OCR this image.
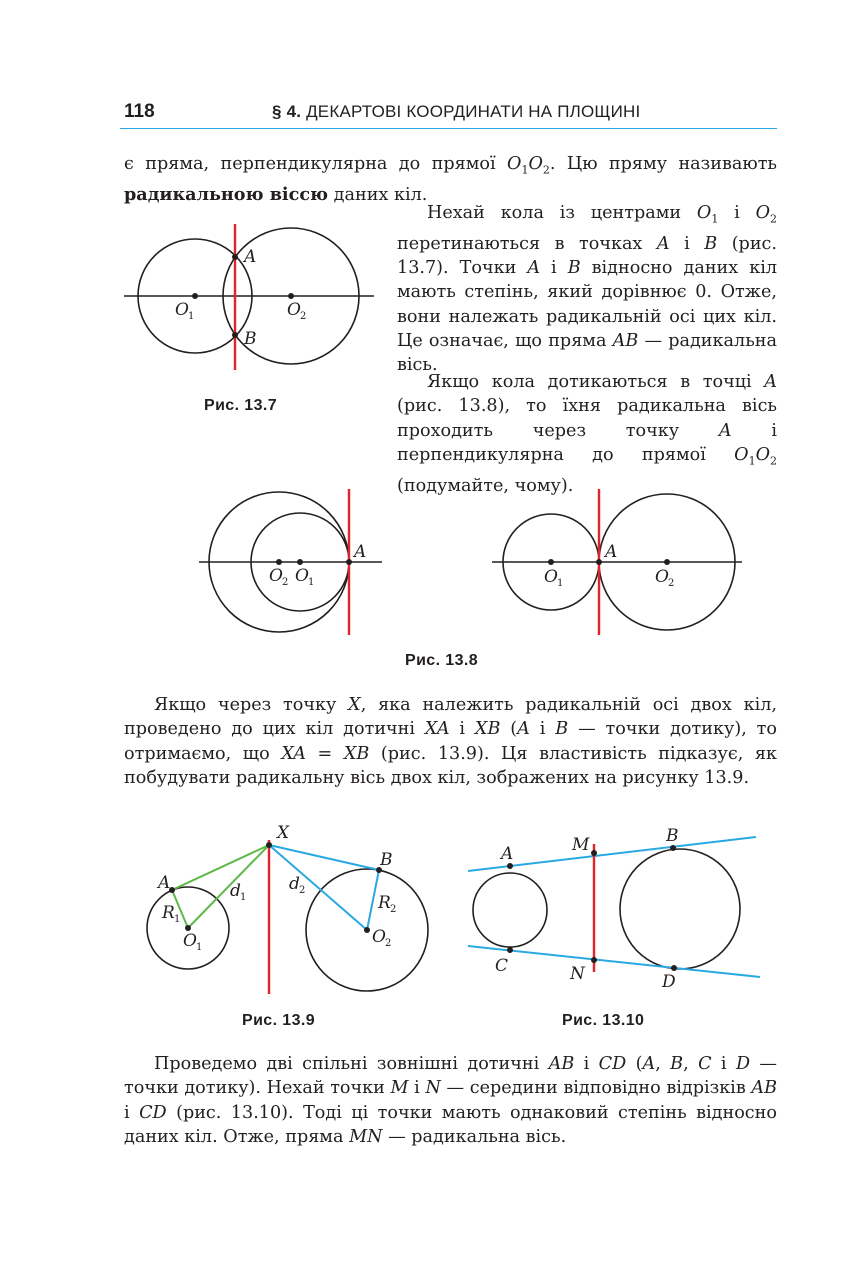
118	§ 4. ДЕКАРТОВІ КООРДИНАТИ НА ПЛОЩИНІ

є пряма, перпендикулярна до прямої $O_1O_2$. Цю пряму називають радикальною віссю даних кіл.

A
B
O 1	O 2
Рис. 13.7

Нехай кола із центрами $O_1$ і $O_2$ перетинаються в точках A і B (рис. 13.7). Точки A і B відносно даних кіл мають степінь, який дорівнює 0. Отже, вони належать радикальній осі цих кіл. Це означає, що пряма AB — радикальна вісь.

Якщо кола дотикаються в точці A (рис. 13.8), то їхня радикальна вісь проходить через точку A і перпендикулярна до прямої $O_1O_2$ (подумайте, чому).

A
O 2 O 1
A
O 1	O 2
Рис. 13.8

Якщо через точку X, яка належить радикальній осі двох кіл, проведено до цих кіл дотичні XA і XB (A і B — точки дотику), то отримаємо, що XA = XB (рис. 13.9). Ця властивість підказує, як побудувати радикальну вісь двох кіл, зображених на рисунку 13.9.

X
A
B
d 1
d 2
R 1
R 2
O 1
O 2
Рис. 13.9
A
B
M
C
D
N
Рис. 13.10

Проведемо дві спільні зовнішні дотичні AB і CD (A, B, C і D — точки дотику). Нехай точки M і N — середини відповідно відрізків AB і CD (рис. 13.10). Тоді ці точки мають однаковий степінь відносно даних кіл. Отже, пряма MN — радикальна вісь.
